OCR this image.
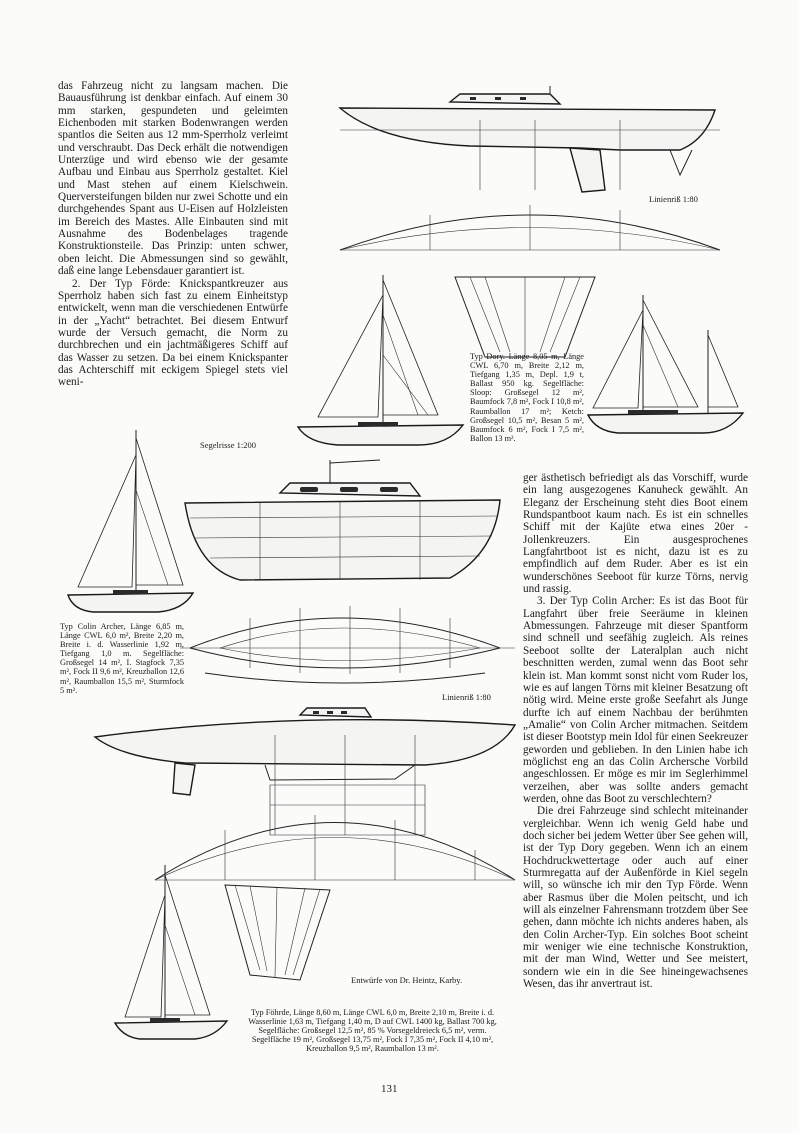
das Fahrzeug nicht zu langsam machen. Die Bauausführung ist denkbar einfach. Auf einem 30 mm starken, gespundeten und geleimten Eichenboden mit starken Bodenwrangen werden spantlos die Seiten aus 12 mm-Sperrholz verleimt und verschraubt. Das Deck erhält die notwendigen Unterzüge und wird ebenso wie der gesamte Aufbau und Einbau aus Sperrholz gestaltet. Kiel und Mast stehen auf einem Kielschwein. Querversteifungen bilden nur zwei Schotte und ein durchgehendes Spant aus U-Eisen auf Holzleisten im Bereich des Mastes. Alle Einbauten sind mit Ausnahme des Bodenbelages tragende Konstruktionsteile. Das Prinzip: unten schwer, oben leicht. Die Abmessungen sind so gewählt, daß eine lange Lebensdauer garantiert ist.

2. Der Typ Förde: Knickspantkreuzer aus Sperrholz haben sich fast zu einem Einheitstyp entwickelt, wenn man die verschiedenen Entwürfe in der „Yacht“ betrachtet. Bei diesem Entwurf wurde der Versuch gemacht, die Norm zu durchbrechen und ein jachtmäßigeres Schiff auf das Wasser zu setzen. Da bei einem Knickspanter das Achterschiff mit eckigem Spiegel stets viel weni-

ger ästhetisch befriedigt als das Vorschiff, wurde ein lang ausgezogenes Kanuheck gewählt. An Eleganz der Erscheinung steht dies Boot einem Rundspantboot kaum nach. Es ist ein schnelles Schiff mit der Kajüte etwa eines 20er - Jollenkreuzers. Ein ausgesprochenes Langfahrtboot ist es nicht, dazu ist es zu empfindlich auf dem Ruder. Aber es ist ein wunderschönes Seeboot für kurze Törns, nervig und rassig.

3. Der Typ Colin Archer: Es ist das Boot für Langfahrt über freie Seeräume in kleinen Abmessungen. Fahrzeuge mit dieser Spantform sind schnell und seefähig zugleich. Als reines Seeboot sollte der Lateralplan auch nicht beschnitten werden, zumal wenn das Boot sehr klein ist. Man kommt sonst nicht vom Ruder los, wie es auf langen Törns mit kleiner Besatzung oft nötig wird. Meine erste große Seefahrt als Junge durfte ich auf einem Nachbau der berühmten „Amalie“ von Colin Archer mitmachen. Seitdem ist dieser Bootstyp mein Idol für einen Seekreuzer geworden und geblieben. In den Linien habe ich möglichst eng an das Colin Archersche Vorbild angeschlossen. Er möge es mir im Seglerhimmel verzeihen, aber was sollte anders gemacht werden, ohne das Boot zu verschlechtern?

Die drei Fahrzeuge sind schlecht miteinander vergleichbar. Wenn ich wenig Geld habe und doch sicher bei jedem Wetter über See gehen will, ist der Typ Dory gegeben. Wenn ich an einem Hochdruckwettertage oder auch auf einer Sturmregatta auf der Außenförde in Kiel segeln will, so wünsche ich mir den Typ Förde. Wenn aber Rasmus über die Molen peitscht, und ich will als einzelner Fahrensmann trotzdem über See gehen, dann möchte ich nichts anderes haben, als den Colin Archer-Typ. Ein solches Boot scheint mir weniger wie eine technische Konstruktion, mit der man Wind, Wetter und See meistert, sondern wie ein in die See hineingewachsenes Wesen, das ihr anvertraut ist.

Linienriß 1:80
Typ Dory. Länge 8,05 m, Länge CWL 6,70 m, Breite 2,12 m, Tiefgang 1,35 m, Depl. 1,9 t, Ballast 950 kg. Segelfläche: Sloop: Großsegel 12 m², Baumfock 7,8 m², Fock I 10,8 m², Raumballon 17 m²; Ketch: Großsegel 10,5 m², Besan 5 m², Baumfock 6 m², Fock I 7,5 m², Ballon 13 m².
Segelrisse 1:200
Typ Colin Archer, Länge 6,85 m, Länge CWL 6,0 m², Breite 2,20 m, Breite i. d. Wasserlinie 1,92 m, Tiefgang 1,0 m. Segelfläche: Großsegel 14 m², I. Stagfock 7,35 m², Fock II 9,6 m², Kreuzballon 12,6 m², Raumballon 15,5 m², Sturmfock 5 m².
Linienriß 1:80
Entwürfe von Dr. Heintz, Karby.
Typ Föhrde, Länge 8,60 m, Länge CWL 6,0 m, Breite 2,10 m, Breite i. d. Wasserlinie 1,63 m, Tiefgang 1,40 m, D auf CWL 1400 kg, Ballast 700 kg, Segelfläche: Großsegel 12,5 m², 85 % Vorsegeldreieck 6,5 m², verm. Segelfläche 19 m², Großsegel 13,75 m², Fock I 7,35 m², Fock II 4,10 m², Kreuzballon 9,5 m², Raumballon 13 m².
131
